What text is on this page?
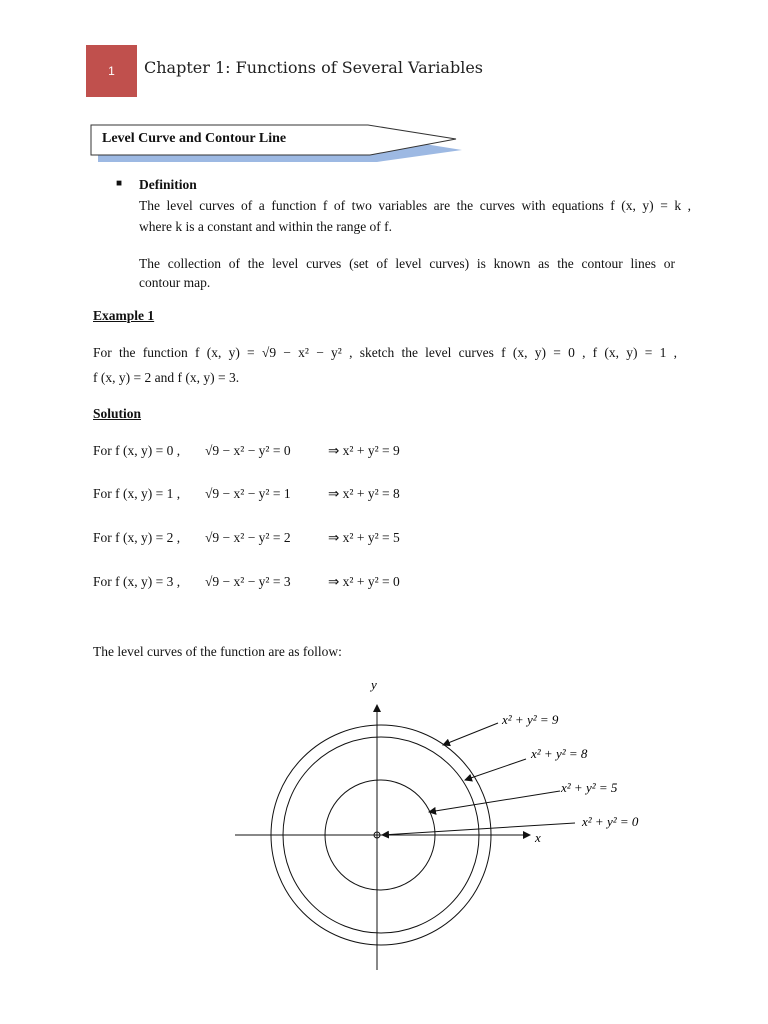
1 Chapter 1: Functions of Several Variables
Level Curve and Contour Line
■ Definition
The level curves of a function f of two variables are the curves with equations f (x, y) = k ,
where k is a constant and within the range of f.
The collection of the level curves (set of level curves) is known as the contour lines or
contour map.
Example 1
For the function f (x, y) = √9 − x² − y² , sketch the level curves f (x, y) = 0 , f (x, y) = 1 ,
f (x, y) = 2 and f (x, y) = 3.
Solution
For f (x, y) = 0 , √9 − x² − y² = 0	⇒ x² + y² = 9
For f (x, y) = 1 , √9 − x² − y² = 1	⇒ x² + y² = 8
For f (x, y) = 2 , √9 − x² − y² = 2	⇒ x² + y² = 5
For f (x, y) = 3 , √9 − x² − y² = 3	⇒ x² + y² = 0
The level curves of the function are as follow:
y
x
x² + y² = 9
x² + y² = 8
x² + y² = 5
x² + y² = 0
